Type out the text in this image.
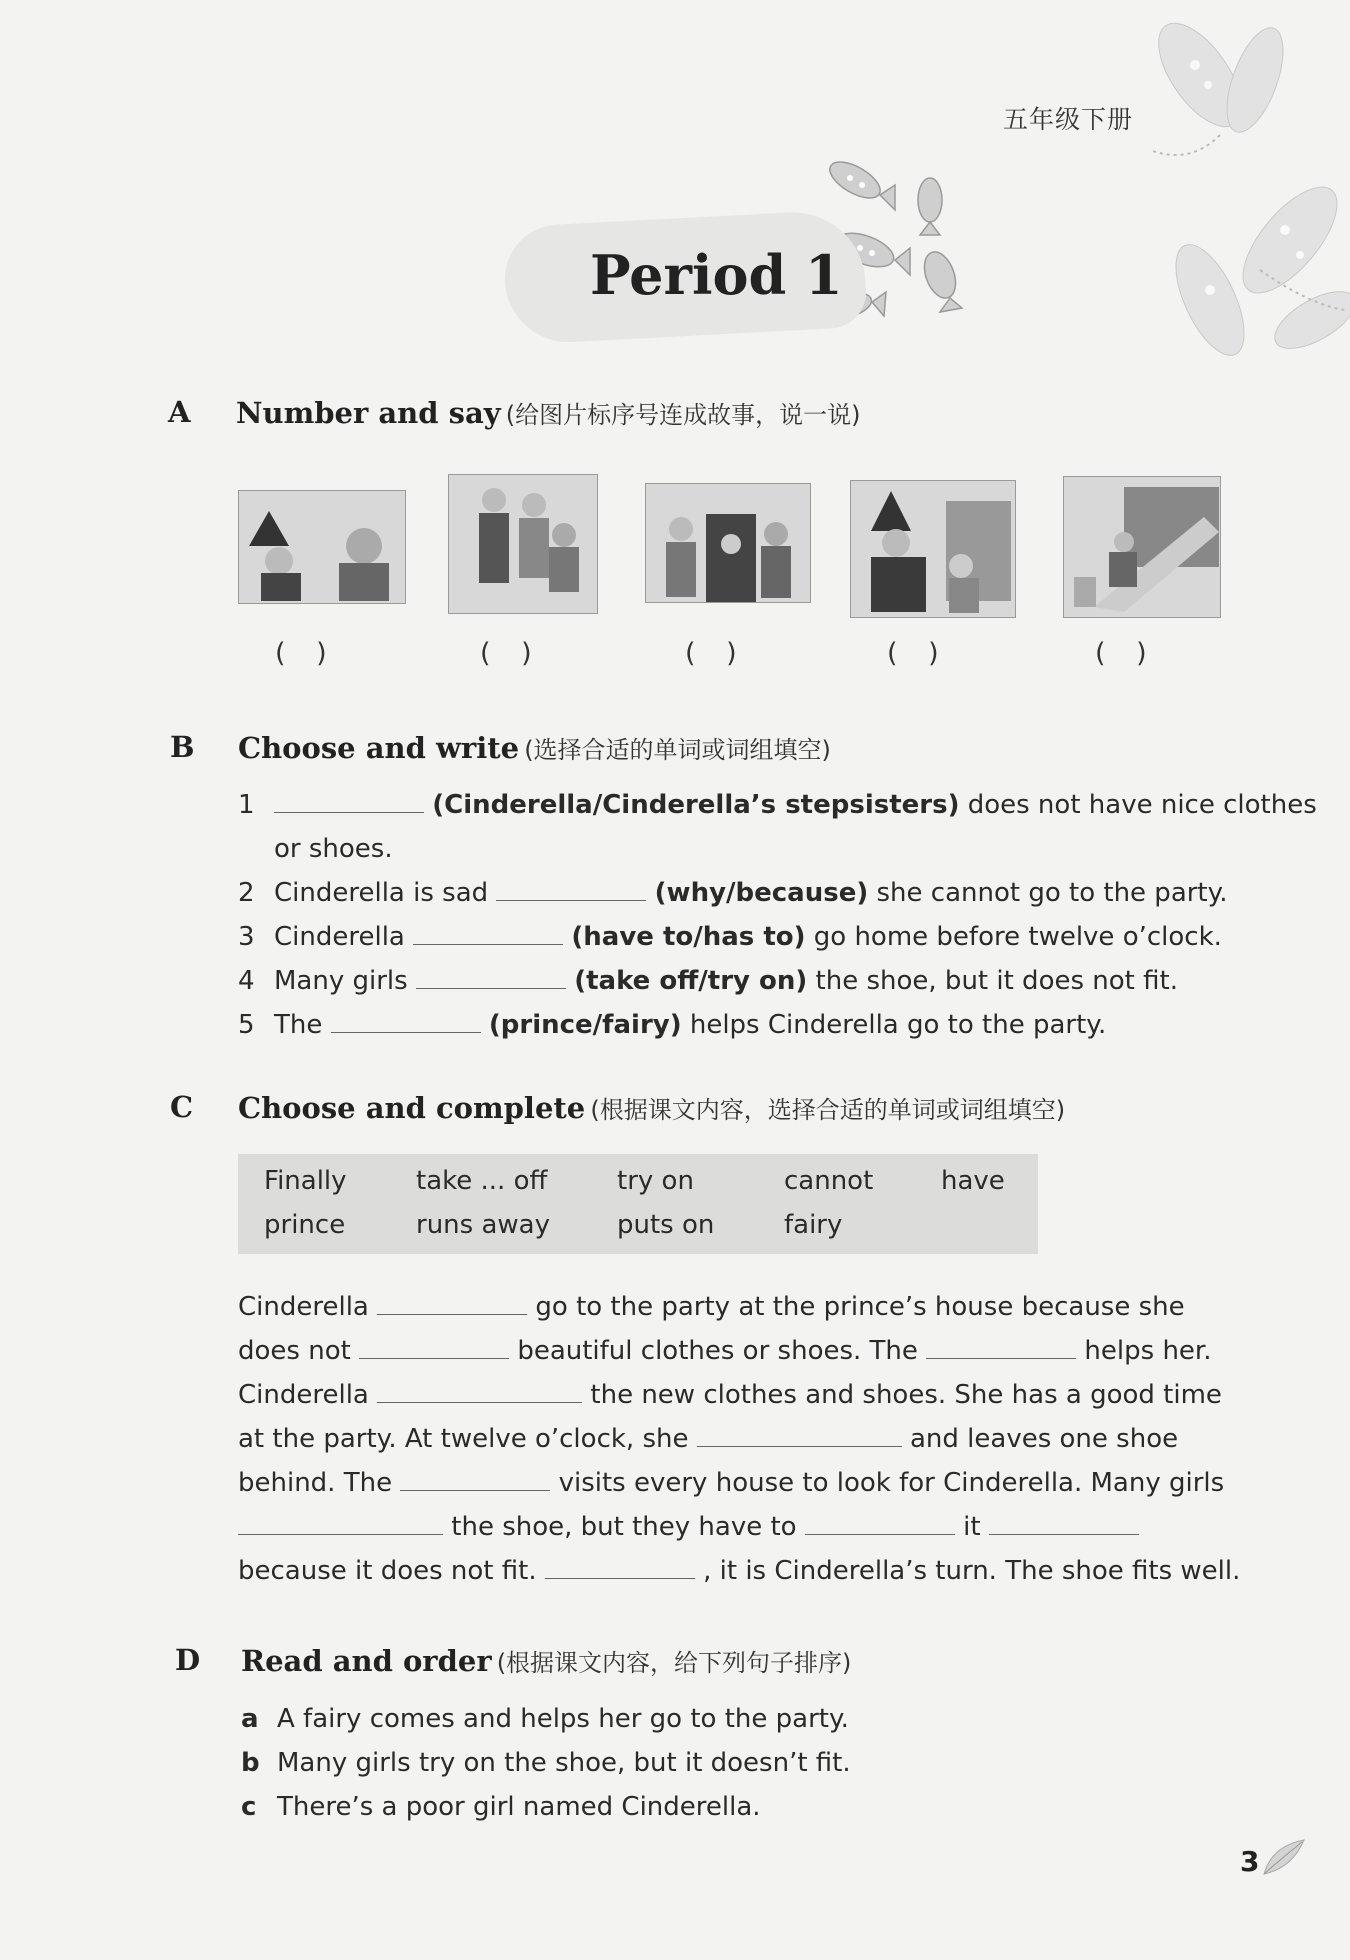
五年级下册
Period 1
A Number and say (给图片标序号连成故事，说一说)
( )	( )	( )	( )	( )
B Choose and write (选择合适的单词或词组填空)
1	(Cinderella/Cinderella’s stepsisters) does not have nice clothes
or shoes.
2 Cinderella is sad	(why/because) she cannot go to the party.
3 Cinderella	(have to/has to) go home before twelve o’clock.
4 Many girls	(take off/try on) the shoe, but it does not fit.
5 The	(prince/fairy) helps Cinderella go to the party.
C Choose and complete (根据课文内容，选择合适的单词或词组填空)
Finally	take ... off	try on	cannot	have
prince	runs away	puts on	fairy
Cinderella	go to the party at the prince’s house because she
does not	beautiful clothes or shoes. The	helps her.
Cinderella	the new clothes and shoes. She has a good time
at the party. At twelve o’clock, she	and leaves one shoe
behind. The	visits every house to look for Cinderella. Many girls
the shoe, but they have to	it
because it does not fit.	, it is Cinderella’s turn. The shoe fits well.
D Read and order (根据课文内容，给下列句子排序)
a A fairy comes and helps her go to the party.
b Many girls try on the shoe, but it doesn’t fit.
c There’s a poor girl named Cinderella.
3
